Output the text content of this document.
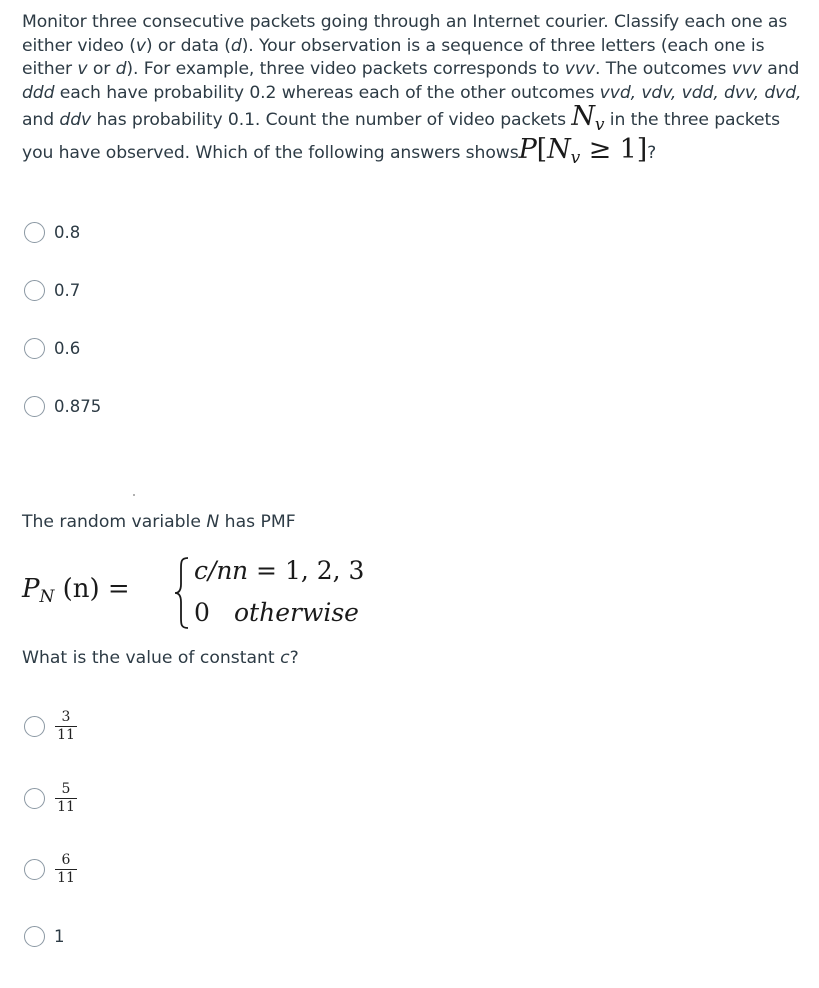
Monitor three consecutive packets going through an Internet courier. Classify each one as either video (v) or data (d). Your observation is a sequence of three letters (each one is either v or d). For example, three video packets corresponds to vvv. The outcomes vvv and ddd each have probability 0.2 whereas each of the other outcomes vvd, vdv, vdd, dvv, dvd, and ddv has probability 0.1. Count the number of video packets Nv in the three packets you have observed. Which of the following answers showsP[Nv ≥ 1]?
0.8
0.7
0.6
0.875
The random variable N has PMF
PN (n) =
c/n n = 1, 2, 3
0 otherwise
What is the value of constant c?
$\frac{3}{11}$
$\frac{5}{11}$
$\frac{6}{11}$
1
